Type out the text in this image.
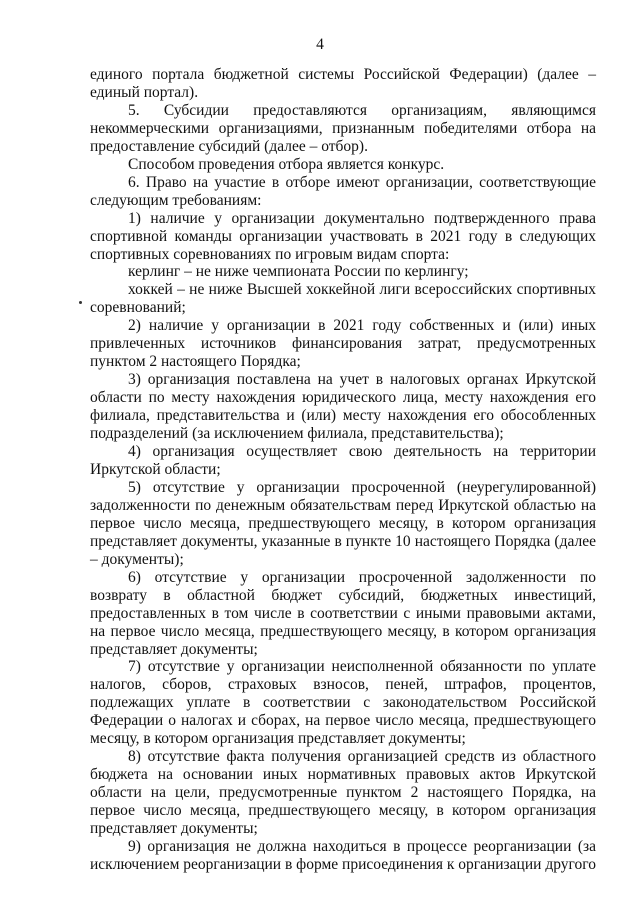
4

единого портала бюджетной системы Российской Федерации) (далее – единый портал).

5. Субсидии предоставляются организациям, являющимся некоммерческими организациями, признанным победителями отбора на предоставление субсидий (далее – отбор).

Способом проведения отбора является конкурс.

6. Право на участие в отборе имеют организации, соответствующие следующим требованиям:

1) наличие у организации документально подтвержденного права спортивной команды организации участвовать в 2021 году в следующих спортивных соревнованиях по игровым видам спорта:

керлинг – не ниже чемпионата России по керлингу;

хоккей – не ниже Высшей хоккейной лиги всероссийских спортивных соревнований;

2) наличие у организации в 2021 году собственных и (или) иных привлеченных источников финансирования затрат, предусмотренных пунктом 2 настоящего Порядка;

3) организация поставлена на учет в налоговых органах Иркутской области по месту нахождения юридического лица, месту нахождения его филиала, представительства и (или) месту нахождения его обособленных подразделений (за исключением филиала, представительства);

4) организация осуществляет свою деятельность на территории Иркутской области;

5) отсутствие у организации просроченной (неурегулированной) задолженности по денежным обязательствам перед Иркутской областью на первое число месяца, предшествующего месяцу, в котором организация представляет документы, указанные в пункте 10 настоящего Порядка (далее – документы);

6) отсутствие у организации просроченной задолженности по возврату в областной бюджет субсидий, бюджетных инвестиций, предоставленных в том числе в соответствии с иными правовыми актами, на первое число месяца, предшествующего месяцу, в котором организация представляет документы;

7) отсутствие у организации неисполненной обязанности по уплате налогов, сборов, страховых взносов, пеней, штрафов, процентов, подлежащих уплате в соответствии с законодательством Российской Федерации о налогах и сборах, на первое число месяца, предшествующего месяцу, в котором организация представляет документы;

8) отсутствие факта получения организацией средств из областного бюджета на основании иных нормативных правовых актов Иркутской области на цели, предусмотренные пунктом 2 настоящего Порядка, на первое число месяца, предшествующего месяцу, в котором организация представляет документы;

9) организация не должна находиться в процессе реорганизации (за исключением реорганизации в форме присоединения к организации другого
